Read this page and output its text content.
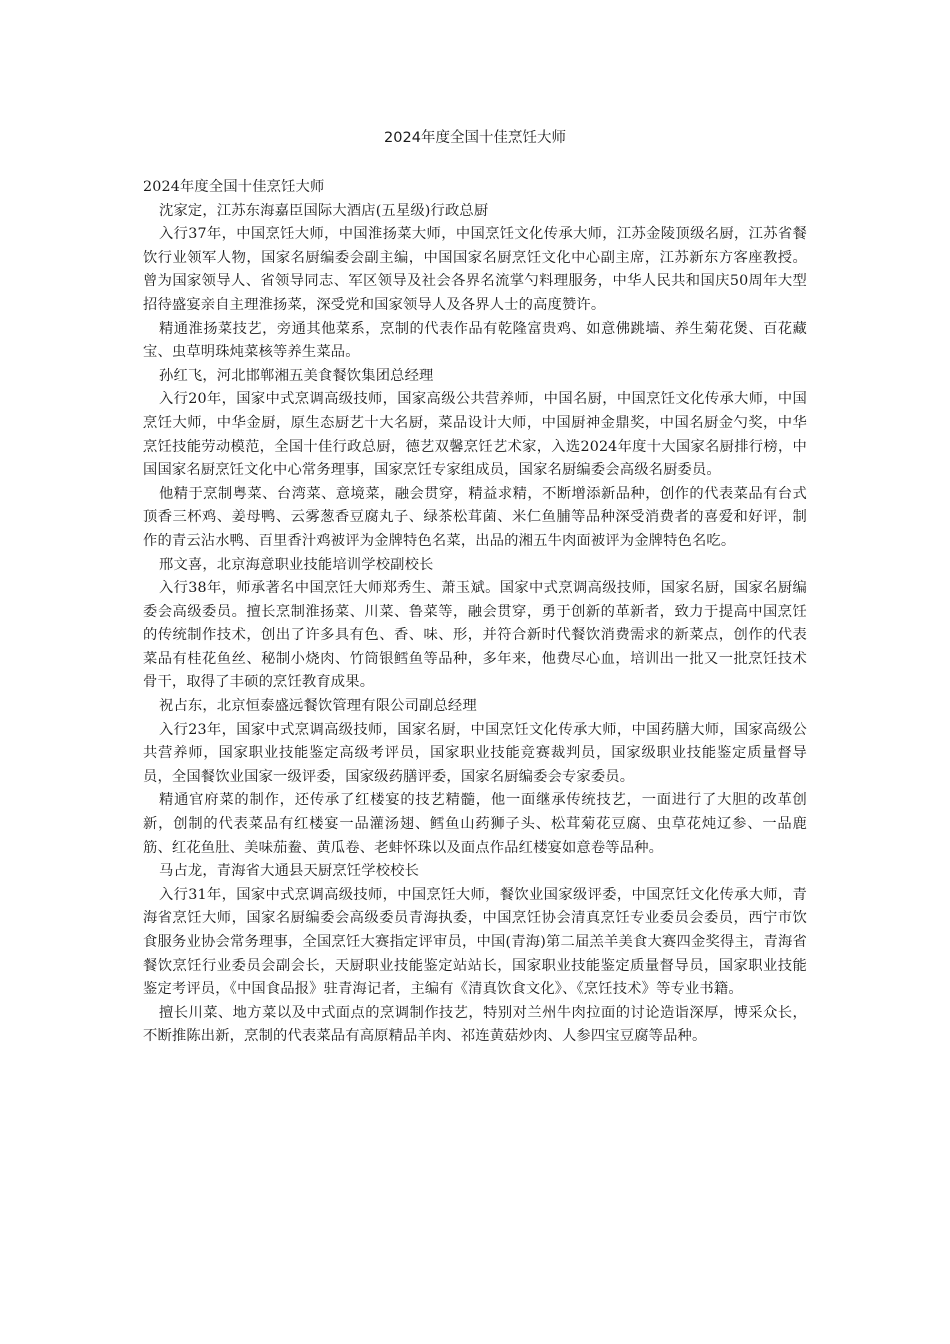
2024年度全国十佳烹饪大师

2024年度全国十佳烹饪大师

沈家定，江苏东海嘉臣国际大酒店(五星级)行政总厨

入行37年，中国烹饪大师，中国淮扬菜大师，中国烹饪文化传承大师，江苏金陵顶级名厨，江苏省餐饮行业领军人物，国家名厨编委会副主编，中国国家名厨烹饪文化中心副主席，江苏新东方客座教授。曾为国家领导人、省领导同志、军区领导及社会各界名流掌勺料理服务，中华人民共和国庆50周年大型招待盛宴亲自主理淮扬菜，深受党和国家领导人及各界人士的高度赞许。

精通淮扬菜技艺，旁通其他菜系，烹制的代表作品有乾隆富贵鸡、如意佛跳墙、养生菊花煲、百花藏宝、虫草明珠炖菜核等养生菜品。

孙红飞，河北邯郸湘五美食餐饮集团总经理

入行20年，国家中式烹调高级技师，国家高级公共营养师，中国名厨，中国烹饪文化传承大师，中国烹饪大师，中华金厨，原生态厨艺十大名厨，菜品设计大师，中国厨神金鼎奖，中国名厨金勺奖，中华烹饪技能劳动模范，全国十佳行政总厨，德艺双馨烹饪艺术家，入选2024年度十大国家名厨排行榜，中国国家名厨烹饪文化中心常务理事，国家烹饪专家组成员，国家名厨编委会高级名厨委员。

他精于烹制粤菜、台湾菜、意境菜，融会贯穿，精益求精，不断增添新品种，创作的代表菜品有台式顶香三杯鸡、姜母鸭、云雾葱香豆腐丸子、绿茶松茸菌、米仁鱼脯等品种深受消费者的喜爱和好评，制作的青云沾水鸭、百里香汁鸡被评为金牌特色名菜，出品的湘五牛肉面被评为金牌特色名吃。

邢文喜，北京海意职业技能培训学校副校长

入行38年，师承著名中国烹饪大师郑秀生、萧玉斌。国家中式烹调高级技师，国家名厨，国家名厨编委会高级委员。擅长烹制淮扬菜、川菜、鲁菜等，融会贯穿，勇于创新的革新者，致力于提高中国烹饪的传统制作技术，创出了许多具有色、香、味、形，并符合新时代餐饮消费需求的新菜点，创作的代表菜品有桂花鱼丝、秘制小烧肉、竹筒银鳕鱼等品种，多年来，他费尽心血，培训出一批又一批烹饪技术骨干，取得了丰硕的烹饪教育成果。

祝占东，北京恒泰盛远餐饮管理有限公司副总经理

入行23年，国家中式烹调高级技师，国家名厨，中国烹饪文化传承大师，中国药膳大师，国家高级公共营养师，国家职业技能鉴定高级考评员，国家职业技能竞赛裁判员，国家级职业技能鉴定质量督导员，全国餐饮业国家一级评委，国家级药膳评委，国家名厨编委会专家委员。

精通官府菜的制作，还传承了红楼宴的技艺精髓，他一面继承传统技艺，一面进行了大胆的改革创新，创制的代表菜品有红楼宴一品灌汤翅、鳕鱼山药狮子头、松茸菊花豆腐、虫草花炖辽参、一品鹿筋、红花鱼肚、美味茄鲞、黄瓜卷、老蚌怀珠以及面点作品红楼宴如意卷等品种。

马占龙，青海省大通县天厨烹饪学校校长

入行31年，国家中式烹调高级技师，中国烹饪大师，餐饮业国家级评委，中国烹饪文化传承大师，青海省烹饪大师，国家名厨编委会高级委员青海执委，中国烹饪协会清真烹饪专业委员会委员，西宁市饮食服务业协会常务理事，全国烹饪大赛指定评审员，中国(青海)第二届羔羊美食大赛四金奖得主，青海省餐饮烹饪行业委员会副会长，天厨职业技能鉴定站站长，国家职业技能鉴定质量督导员，国家职业技能鉴定考评员，《中国食品报》驻青海记者，主编有《清真饮食文化》、《烹饪技术》等专业书籍。

擅长川菜、地方菜以及中式面点的烹调制作技艺，特别对兰州牛肉拉面的讨论造诣深厚，博采众长，不断推陈出新，烹制的代表菜品有高原精品羊肉、祁连黄菇炒肉、人参四宝豆腐等品种。
